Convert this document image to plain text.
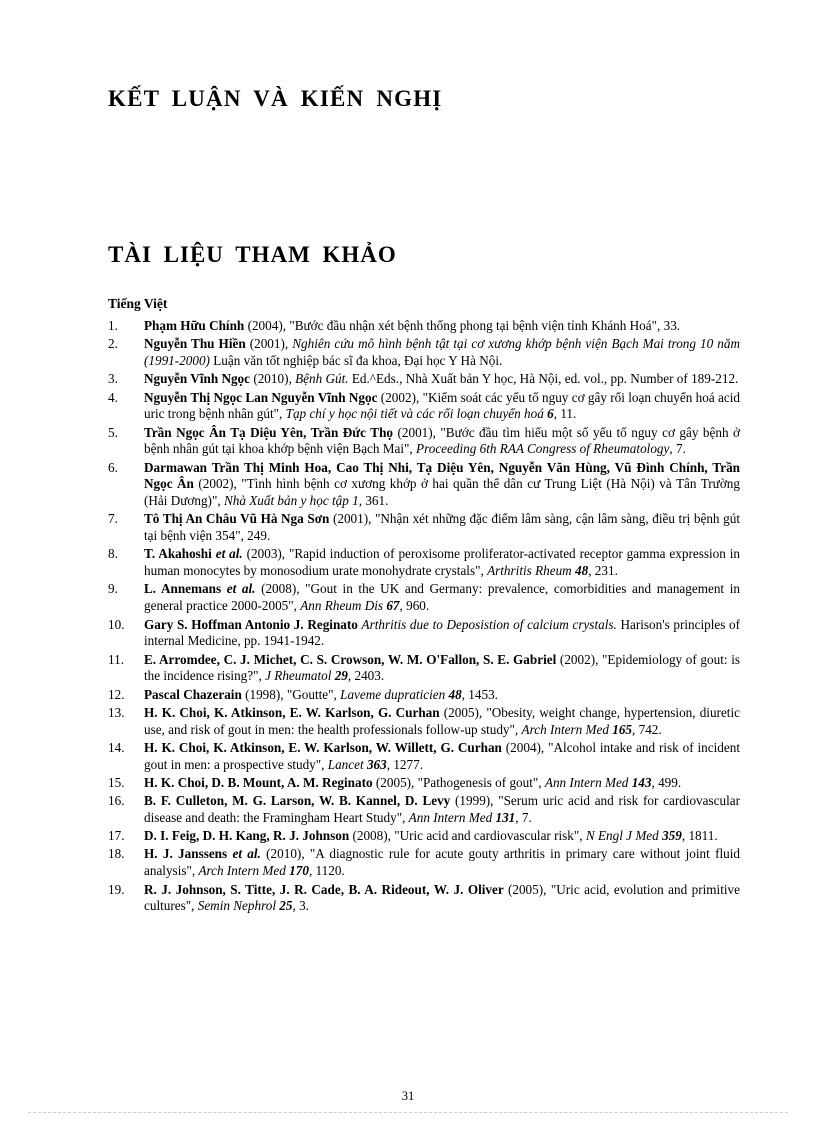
KẾT LUẬN VÀ KIẾN NGHỊ
TÀI LIỆU THAM KHẢO
Tiếng Việt
1.	Phạm Hữu Chính (2004), "Bước đầu nhận xét bệnh thống phong tại bệnh viện tỉnh Khánh Hoá", 33.
2.	Nguyễn Thu Hiền (2001), Nghiên cứu mô hình bệnh tật tại cơ xương khớp bệnh viện Bạch Mai trong 10 năm (1991-2000) Luận văn tốt nghiệp bác sĩ đa khoa, Đại học Y Hà Nội.
3.	Nguyễn Vĩnh Ngọc (2010), Bệnh Gút. Ed.^Eds., Nhà Xuất bản Y học, Hà Nội, ed. vol., pp. Number of 189-212.
4.	Nguyễn Thị Ngọc Lan Nguyễn Vĩnh Ngọc (2002), "Kiểm soát các yếu tố nguy cơ gây rối loạn chuyển hoá acid uric trong bệnh nhân gút", Tạp chí y học nội tiết và các rối loạn chuyển hoá 6, 11.
5.	Trần Ngọc Ân Tạ Diệu Yên, Trần Đức Thọ (2001), "Bước đầu tìm hiểu một số yếu tố nguy cơ gây bệnh ở bệnh nhân gút tại khoa khớp bệnh viện Bạch Mai", Proceeding 6th RAA Congress of Rheumatology, 7.
6.	Darmawan Trần Thị Minh Hoa, Cao Thị Nhi, Tạ Diệu Yên, Nguyễn Văn Hùng, Vũ Đình Chính, Trần Ngọc Ân (2002), "Tình hình bệnh cơ xương khớp ở hai quần thể dân cư Trung Liệt (Hà Nội) và Tân Trường (Hải Dương)", Nhà Xuất bản y học tập 1, 361.
7.	Tô Thị An Châu Vũ Hà Nga Sơn (2001), "Nhận xét những đặc điểm lâm sàng, cận lâm sàng, điều trị bệnh gút tại bệnh viện 354", 249.
8.	T. Akahoshi et al. (2003), "Rapid induction of peroxisome proliferator-activated receptor gamma expression in human monocytes by monosodium urate monohydrate crystals", Arthritis Rheum 48, 231.
9.	L. Annemans et al. (2008), "Gout in the UK and Germany: prevalence, comorbidities and management in general practice 2000-2005", Ann Rheum Dis 67, 960.
10.	Gary S. Hoffman Antonio J. Reginato Arthritis due to Deposistion of calcium crystals. Harison's principles of internal Medicine, pp. 1941-1942.
11.	E. Arromdee, C. J. Michet, C. S. Crowson, W. M. O'Fallon, S. E. Gabriel (2002), "Epidemiology of gout: is the incidence rising?", J Rheumatol 29, 2403.
12.	Pascal Chazerain (1998), "Goutte", Laveme dupraticien 48, 1453.
13.	H. K. Choi, K. Atkinson, E. W. Karlson, G. Curhan (2005), "Obesity, weight change, hypertension, diuretic use, and risk of gout in men: the health professionals follow-up study", Arch Intern Med 165, 742.
14.	H. K. Choi, K. Atkinson, E. W. Karlson, W. Willett, G. Curhan (2004), "Alcohol intake and risk of incident gout in men: a prospective study", Lancet 363, 1277.
15.	H. K. Choi, D. B. Mount, A. M. Reginato (2005), "Pathogenesis of gout", Ann Intern Med 143, 499.
16.	B. F. Culleton, M. G. Larson, W. B. Kannel, D. Levy (1999), "Serum uric acid and risk for cardiovascular disease and death: the Framingham Heart Study", Ann Intern Med 131, 7.
17.	D. I. Feig, D. H. Kang, R. J. Johnson (2008), "Uric acid and cardiovascular risk", N Engl J Med 359, 1811.
18.	H. J. Janssens et al. (2010), "A diagnostic rule for acute gouty arthritis in primary care without joint fluid analysis", Arch Intern Med 170, 1120.
19.	R. J. Johnson, S. Titte, J. R. Cade, B. A. Rideout, W. J. Oliver (2005), "Uric acid, evolution and primitive cultures", Semin Nephrol 25, 3.
31
